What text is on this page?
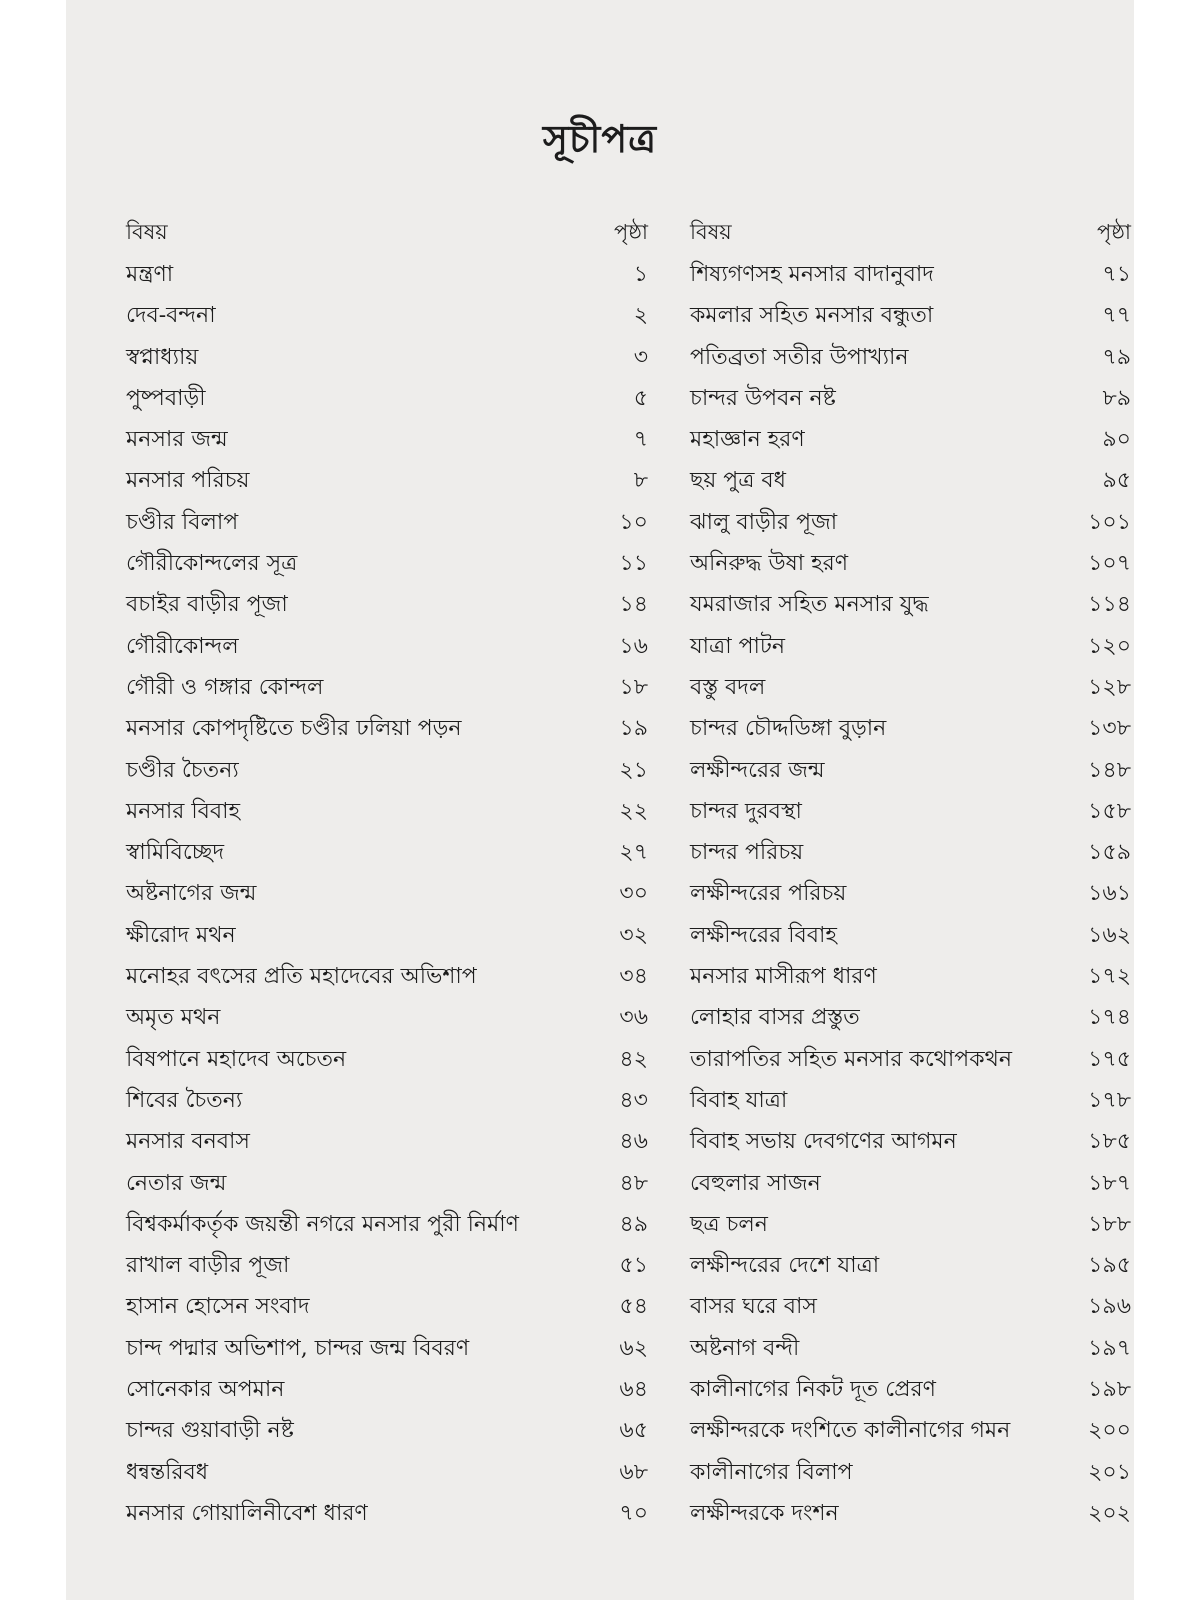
সূচীপত্র
বিষয়	পৃষ্ঠা
মন্ত্রণা	১
দেব-বন্দনা	২
স্বপ্নাধ্যায়	৩
পুষ্পবাড়ী	৫
মনসার জন্ম	৭
মনসার পরিচয়	৮
চণ্ডীর বিলাপ	১০
গৌরীকোন্দলের সূত্র	১১
বচাইর বাড়ীর পূজা	১৪
গৌরীকোন্দল	১৬
গৌরী ও গঙ্গার কোন্দল	১৮
মনসার কোপদৃষ্টিতে চণ্ডীর ঢলিয়া পড়ন	১৯
চণ্ডীর চৈতন্য	২১
মনসার বিবাহ	২২
স্বামিবিচ্ছেদ	২৭
অষ্টনাগের জন্ম	৩০
ক্ষীরোদ মথন	৩২
মনোহর বৎসের প্রতি মহাদেবের অভিশাপ	৩৪
অমৃত মথন	৩৬
বিষপানে মহাদেব অচেতন	৪২
শিবের চৈতন্য	৪৩
মনসার বনবাস	৪৬
নেতার জন্ম	৪৮
বিশ্বকর্মাকর্তৃক জয়ন্তী নগরে মনসার পুরী নির্মাণ	৪৯
রাখাল বাড়ীর পূজা	৫১
হাসান হোসেন সংবাদ	৫৪
চান্দ পদ্মার অভিশাপ, চান্দর জন্ম বিবরণ	৬২
সোনেকার অপমান	৬৪
চান্দর গুয়াবাড়ী নষ্ট	৬৫
ধন্বন্তরিবধ	৬৮
মনসার গোয়ালিনীবেশ ধারণ	৭০
বিষয়	পৃষ্ঠা
শিষ্যগণসহ মনসার বাদানুবাদ	৭১
কমলার সহিত মনসার বন্ধুতা	৭৭
পতিব্রতা সতীর উপাখ্যান	৭৯
চান্দর উপবন নষ্ট	৮৯
মহাজ্ঞান হরণ	৯০
ছয় পুত্র বধ	৯৫
ঝালু বাড়ীর পূজা	১০১
অনিরুদ্ধ উষা হরণ	১০৭
যমরাজার সহিত মনসার যুদ্ধ	১১৪
যাত্রা পাটন	১২০
বস্তু বদল	১২৮
চান্দর চৌদ্দডিঙ্গা বুড়ান	১৩৮
লক্ষীন্দরের জন্ম	১৪৮
চান্দর দুরবস্থা	১৫৮
চান্দর পরিচয়	১৫৯
লক্ষীন্দরের পরিচয়	১৬১
লক্ষীন্দরের বিবাহ	১৬২
মনসার মাসীরূপ ধারণ	১৭২
লোহার বাসর প্রস্তুত	১৭৪
তারাপতির সহিত মনসার কথোপকথন	১৭৫
বিবাহ যাত্রা	১৭৮
বিবাহ সভায় দেবগণের আগমন	১৮৫
বেহুলার সাজন	১৮৭
ছত্র চলন	১৮৮
লক্ষীন্দরের দেশে যাত্রা	১৯৫
বাসর ঘরে বাস	১৯৬
অষ্টনাগ বন্দী	১৯৭
কালীনাগের নিকট দূত প্রেরণ	১৯৮
লক্ষীন্দরকে দংশিতে কালীনাগের গমন	২০০
কালীনাগের বিলাপ	২০১
লক্ষীন্দরকে দংশন	২০২
